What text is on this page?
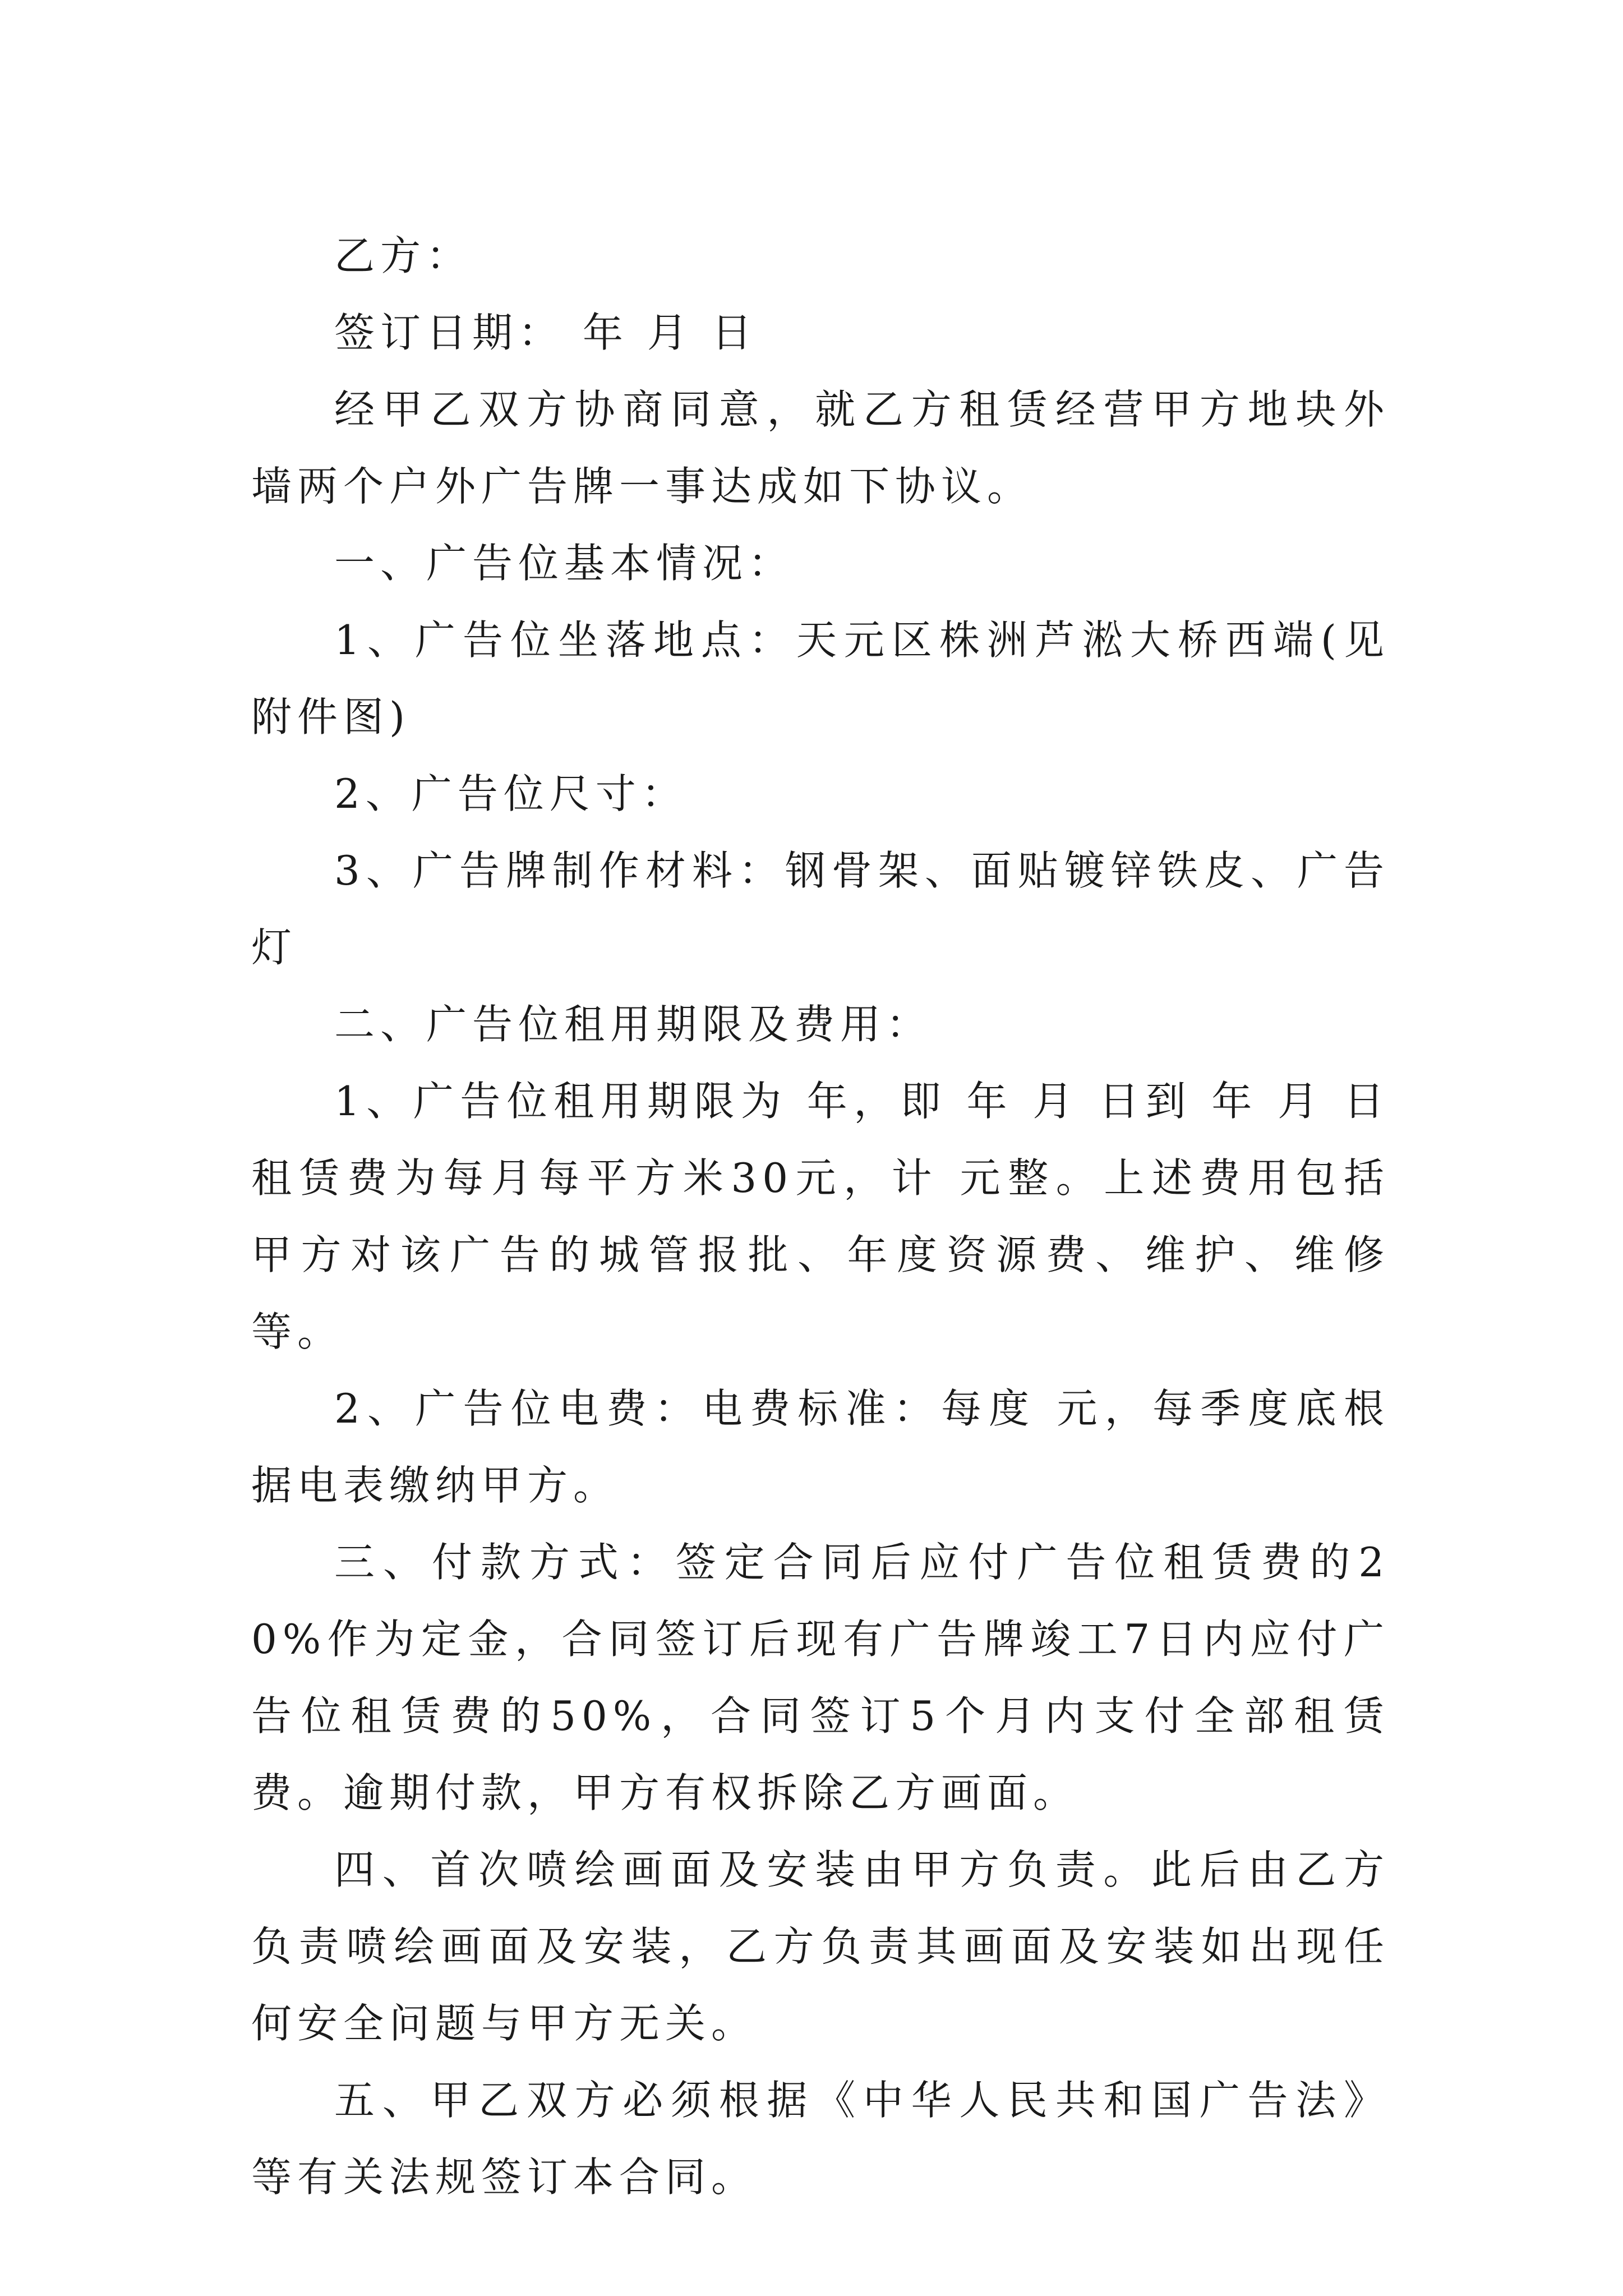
乙方：

签订日期： 年 月 日

经甲乙双方协商同意，就乙方租赁经营甲方地块外墙两个户外广告牌一事达成如下协议。

一、广告位基本情况：

1、广告位坐落地点：天元区株洲芦淞大桥西端(见附件图)

2、广告位尺寸：

3、广告牌制作材料：钢骨架、面贴镀锌铁皮、广告灯

二、广告位租用期限及费用：

1、广告位租用期限为 年，即 年 月 日到 年 月 日租赁费为每月每平方米30元，计 元整。上述费用包括甲方对该广告的城管报批、年度资源费、维护、维修等。

2、广告位电费：电费标准：每度 元，每季度底根据电表缴纳甲方。

三、付款方式：签定合同后应付广告位租赁费的20%作为定金，合同签订后现有广告牌竣工7日内应付广告位租赁费的50%，合同签订5个月内支付全部租赁费。逾期付款，甲方有权拆除乙方画面。

四、首次喷绘画面及安装由甲方负责。此后由乙方负责喷绘画面及安装，乙方负责其画面及安装如出现任何安全问题与甲方无关。

五、甲乙双方必须根据《中华人民共和国广告法》等有关法规签订本合同。
